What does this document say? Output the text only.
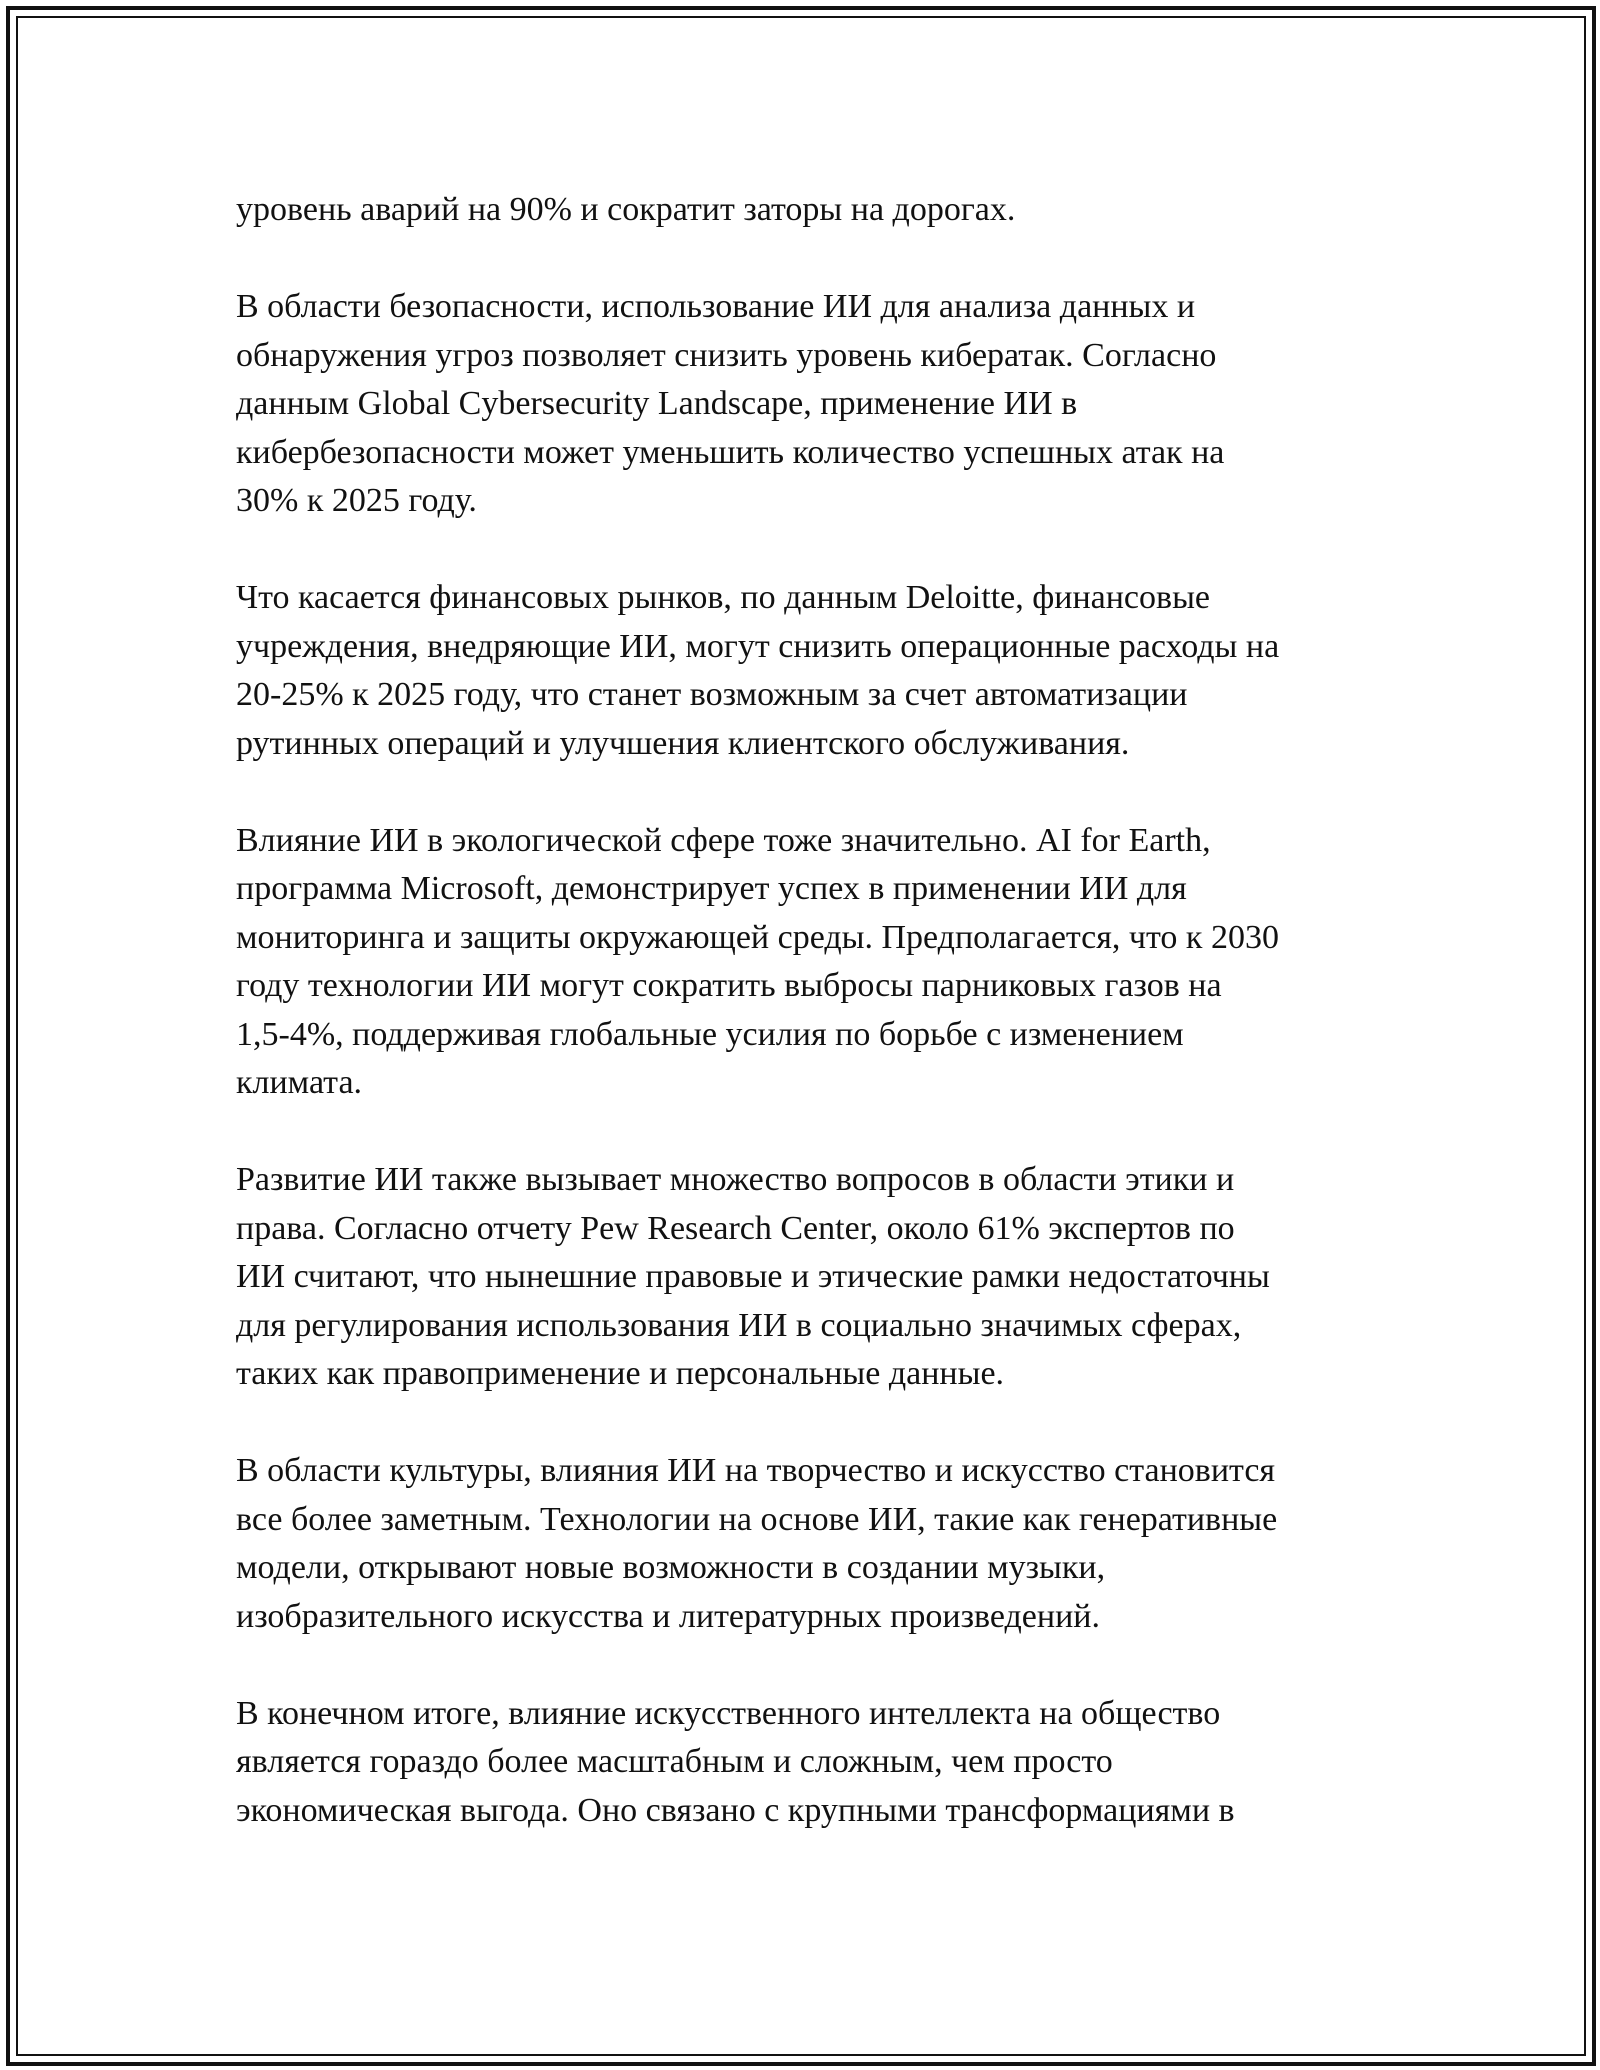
уровень аварий на 90% и сократит заторы на дорогах.

В области безопасности, использование ИИ для анализа данных и
обнаружения угроз позволяет снизить уровень кибератак. Согласно
данным Global Cybersecurity Landscape, применение ИИ в
кибербезопасности может уменьшить количество успешных атак на
30% к 2025 году.

Что касается финансовых рынков, по данным Deloitte, финансовые
учреждения, внедряющие ИИ, могут снизить операционные расходы на
20-25% к 2025 году, что станет возможным за счет автоматизации
рутинных операций и улучшения клиентского обслуживания.

Влияние ИИ в экологической сфере тоже значительно. AI for Earth,
программа Microsoft, демонстрирует успех в применении ИИ для
мониторинга и защиты окружающей среды. Предполагается, что к 2030
году технологии ИИ могут сократить выбросы парниковых газов на
1,5-4%, поддерживая глобальные усилия по борьбе с изменением
климата.

Развитие ИИ также вызывает множество вопросов в области этики и
права. Согласно отчету Pew Research Center, около 61% экспертов по
ИИ считают, что нынешние правовые и этические рамки недостаточны
для регулирования использования ИИ в социально значимых сферах,
таких как правоприменение и персональные данные.

В области культуры, влияния ИИ на творчество и искусство становится
все более заметным. Технологии на основе ИИ, такие как генеративные
модели, открывают новые возможности в создании музыки,
изобразительного искусства и литературных произведений.

В конечном итоге, влияние искусственного интеллекта на общество
является гораздо более масштабным и сложным, чем просто
экономическая выгода. Оно связано с крупными трансформациями в
